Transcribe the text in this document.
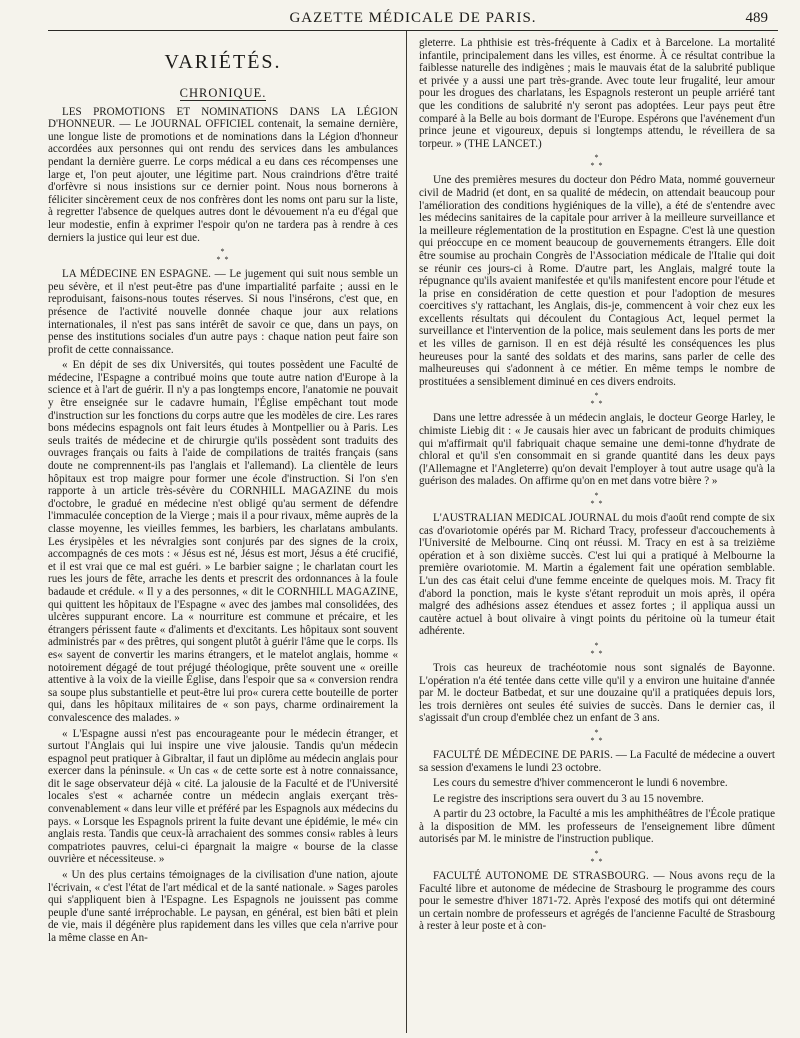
GAZETTE MÉDICALE DE PARIS.	489
VARIÉTÉS.
CHRONIQUE.

LES PROMOTIONS ET NOMINATIONS DANS LA LÉGION D'HONNEUR. — Le JOURNAL OFFICIEL contenait, la semaine dernière, une longue liste de promotions et de nominations dans la Légion d'honneur accordées aux personnes qui ont rendu des services dans les ambulances pendant la dernière guerre. Le corps médical a eu dans ces récompenses une large et, l'on peut ajouter, une légitime part. Nous craindrions d'être traité d'orfèvre si nous insistions sur ce dernier point. Nous nous bornerons à féliciter sincèrement ceux de nos confrères dont les noms ont paru sur la liste, à regretter l'absence de quelques autres dont le dévouement n'a eu d'égal que leur modestie, enfin à exprimer l'espoir qu'on ne tardera pas à rendre à ces derniers la justice qui leur est due.

*
* *

LA MÉDECINE EN ESPAGNE. — Le jugement qui suit nous semble un peu sévère, et il n'est peut-être pas d'une impartialité parfaite ; aussi en le reproduisant, faisons-nous toutes réserves. Si nous l'insérons, c'est que, en présence de l'activité nouvelle donnée chaque jour aux relations internationales, il n'est pas sans intérêt de savoir ce que, dans un pays, on pense des institutions sociales d'un autre pays : chaque nation peut faire son profit de cette connaissance.

« En dépit de ses dix Universités, qui toutes possèdent une Faculté de médecine, l'Espagne a contribué moins que toute autre nation d'Europe à la science et à l'art de guérir. Il n'y a pas longtemps encore, l'anatomie ne pouvait y être enseignée sur le cadavre humain, l'Église empêchant tout mode d'instruction sur les fonctions du corps autre que les modèles de cire. Les rares bons médecins espagnols ont fait leurs études à Montpellier ou à Paris. Les seuls traités de médecine et de chirurgie qu'ils possèdent sont traduits des ouvrages français ou faits à l'aide de compilations de traités français (sans doute ne comprennent-ils pas l'anglais et l'allemand). La clientèle de leurs hôpitaux est trop maigre pour former une école d'instruction. Si l'on s'en rapporte à un article très-sévère du CORNHILL MAGAZINE du mois d'octobre, le gradué en médecine n'est obligé qu'au serment de défendre l'immaculée conception de la Vierge ; mais il a pour rivaux, même auprès de la classe moyenne, les vieilles femmes, les barbiers, les charlatans ambulants. Les érysipèles et les névralgies sont conjurés par des signes de la croix, accompagnés de ces mots : « Jésus est né, Jésus est mort, Jésus a été crucifié, et il est vrai que ce mal est guéri. » Le barbier saigne ; le charlatan court les rues les jours de fête, arrache les dents et prescrit des ordonnances à la foule badaude et crédule. « Il y a des personnes, « dit le CORNHILL MAGAZINE, qui quittent les hôpitaux de l'Espagne « avec des jambes mal consolidées, des ulcères suppurant encore. La « nourriture est commune et précaire, et les étrangers périssent faute « d'aliments et d'excitants. Les hôpitaux sont souvent administrés par « des prêtres, qui songent plutôt à guérir l'âme que le corps. Ils es« sayent de convertir les marins étrangers, et le matelot anglais, homme « notoirement dégagé de tout préjugé théologique, prête souvent une « oreille attentive à la voix de la vieille Église, dans l'espoir que sa « conversion rendra sa soupe plus substantielle et peut-être lui pro« curera cette bouteille de porter qui, dans les hôpitaux militaires de « son pays, charme ordinairement la convalescence des malades. »

« L'Espagne aussi n'est pas encourageante pour le médecin étranger, et surtout l'Anglais qui lui inspire une vive jalousie. Tandis qu'un médecin espagnol peut pratiquer à Gibraltar, il faut un diplôme au médecin anglais pour exercer dans la péninsule. « Un cas « de cette sorte est à notre connaissance, dit le sage observateur déjà « cité. La jalousie de la Faculté et de l'Université locales s'est « acharnée contre un médecin anglais exerçant très-convenablement « dans leur ville et préféré par les Espagnols aux médecins du pays. « Lorsque les Espagnols prirent la fuite devant une épidémie, le mé« cin anglais resta. Tandis que ceux-là arrachaient des sommes consi« rables à leurs compatriotes pauvres, celui-ci épargnait la maigre « bourse de la classe ouvrière et nécessiteuse. »

« Un des plus certains témoignages de la civilisation d'une nation, ajoute l'écrivain, « c'est l'état de l'art médical et de la santé nationale. » Sages paroles qui s'appliquent bien à l'Espagne. Les Espagnols ne jouissent pas comme peuple d'une santé irréprochable. Le paysan, en général, est bien bâti et plein de vie, mais il dégénère plus rapidement dans les villes que cela n'arrive pour la même classe en An-

gleterre. La phthisie est très-fréquente à Cadix et à Barcelone. La mortalité infantile, principalement dans les villes, est énorme. À ce résultat contribue la faiblesse naturelle des indigènes ; mais le mauvais état de la salubrité publique et privée y a aussi une part très-grande. Avec toute leur frugalité, leur amour pour les drogues des charlatans, les Espagnols resteront un peuple arriéré tant que les conditions de salubrité n'y seront pas adoptées. Leur pays peut être comparé à la Belle au bois dormant de l'Europe. Espérons que l'avénement d'un prince jeune et vigoureux, depuis si longtemps attendu, le réveillera de sa torpeur. » (THE LANCET.)

*
* *

Une des premières mesures du docteur don Pédro Mata, nommé gouverneur civil de Madrid (et dont, en sa qualité de médecin, on attendait beaucoup pour l'amélioration des conditions hygiéniques de la ville), a été de s'entendre avec les médecins sanitaires de la capitale pour arriver à la meilleure surveillance et la meilleure réglementation de la prostitution en Espagne. C'est là une question qui préoccupe en ce moment beaucoup de gouvernements étrangers. Elle doit être soumise au prochain Congrès de l'Association médicale de l'Italie qui doit se réunir ces jours-ci à Rome. D'autre part, les Anglais, malgré toute la répugnance qu'ils avaient manifestée et qu'ils manifestent encore pour l'étude et la prise en considération de cette question et pour l'adoption de mesures coercitives s'y rattachant, les Anglais, dis-je, commencent à voir chez eux les excellents résultats qui découlent du Contagious Act, lequel permet la surveillance et l'intervention de la police, mais seulement dans les ports de mer et les villes de garnison. Il en est déjà résulté les conséquences les plus heureuses pour la santé des soldats et des marins, sans parler de celle des malheureuses qui s'adonnent à ce métier. En même temps le nombre de prostituées a sensiblement diminué en ces divers endroits.

*
* *

Dans une lettre adressée à un médecin anglais, le docteur George Harley, le chimiste Liebig dit : « Je causais hier avec un fabricant de produits chimiques qui m'affirmait qu'il fabriquait chaque semaine une demi-tonne d'hydrate de chloral et qu'il s'en consommait en si grande quantité dans les deux pays (l'Allemagne et l'Angleterre) qu'on devait l'employer à tout autre usage qu'à la guérison des malades. On affirme qu'on en met dans votre bière ? »

*
* *

L'AUSTRALIAN MEDICAL JOURNAL du mois d'août rend compte de six cas d'ovariotomie opérés par M. Richard Tracy, professeur d'accouchements à l'Université de Melbourne. Cinq ont réussi. M. Tracy en est à sa treizième opération et à son dixième succès. C'est lui qui a pratiqué à Melbourne la première ovariotomie. M. Martin a également fait une opération semblable. L'un des cas était celui d'une femme enceinte de quelques mois. M. Tracy fit d'abord la ponction, mais le kyste s'étant reproduit un mois après, il opéra malgré des adhésions assez étendues et assez fortes ; il appliqua aussi un cautère actuel à bout olivaire à vingt points du péritoine où la tumeur était adhérente.

*
* *

Trois cas heureux de trachéotomie nous sont signalés de Bayonne. L'opération n'a été tentée dans cette ville qu'il y a environ une huitaine d'année par M. le docteur Batbedat, et sur une douzaine qu'il a pratiquées depuis lors, les trois dernières ont seules été suivies de succès. Dans le dernier cas, il s'agissait d'un croup d'emblée chez un enfant de 3 ans.

*
* *

FACULTÉ DE MÉDECINE DE PARIS. — La Faculté de médecine a ouvert sa session d'examens le lundi 23 octobre.

Les cours du semestre d'hiver commenceront le lundi 6 novembre.

Le registre des inscriptions sera ouvert du 3 au 15 novembre.

A partir du 23 octobre, la Faculté a mis les amphithéâtres de l'École pratique à la disposition de MM. les professeurs de l'enseignement libre dûment autorisés par M. le ministre de l'instruction publique.

*
* *

FACULTÉ AUTONOME DE STRASBOURG. — Nous avons reçu de la Faculté libre et autonome de médecine de Strasbourg le programme des cours pour le semestre d'hiver 1871-72. Après l'exposé des motifs qui ont déterminé un certain nombre de professeurs et agrégés de l'ancienne Faculté de Strasbourg à rester à leur poste et à con-
